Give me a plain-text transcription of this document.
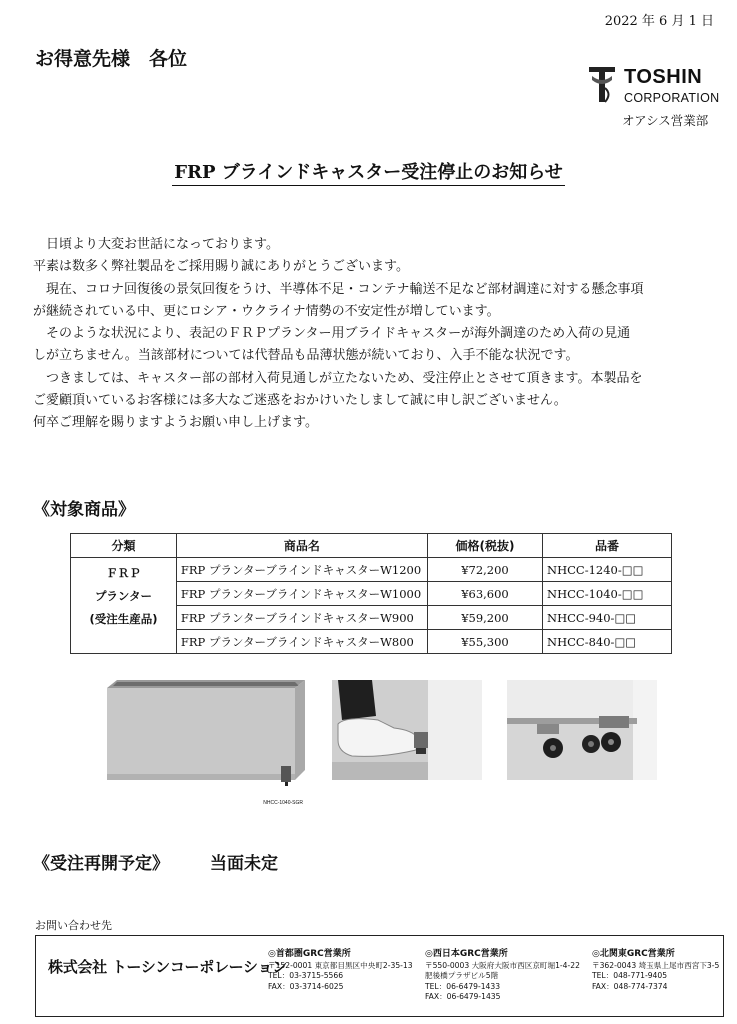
2022 年 6 月 1 日
お得意先様　各位
TOSHIN
CORPORATION
オアシス営業部
FRP ブラインドキャスター受注停止のお知らせ

　日頃より大変お世話になっております。

平素は数多く弊社製品をご採用賜り誠にありがとうございます。

　現在、コロナ回復後の景気回復をうけ、半導体不足・コンテナ輸送不足など部材調達に対する懸念事項

が継続されている中、更にロシア・ウクライナ情勢の不安定性が増しています。

　そのような状況により、表記のＦＲＰプランター用ブライドキャスターが海外調達のため入荷の見通

しが立ちません。当該部材については代替品も品薄状態が続いており、入手不能な状況です。

　つきましては、キャスター部の部材入荷見通しが立たないため、受注停止とさせて頂きます。本製品を

ご愛顧頂いているお客様には多大なご迷惑をおかけいたしまして誠に申し訳ございません。

何卒ご理解を賜りますようお願い申し上げます。

《対象商品》
分類	商品名	価格(税抜)	品番

ＦＲＰ
プランター
(受注生産品)	FRP プランターブラインドキャスターW1200	¥72,200	NHCC-1240-□□
	FRP プランターブラインドキャスターW1000	¥63,600	NHCC-1040-□□
	FRP プランターブラインドキャスターW900	¥59,200	NHCC-940-□□
	FRP プランターブラインドキャスターW800	¥55,300	NHCC-840-□□
NHCC-1040-SGR
《受注再開予定》 当面未定
お問い合わせ先
株式会社 トーシンコーポレーション
◎首都圏GRC営業所
〒152-0001 東京都目黒区中央町2-35-13
TEL：03-3715-5566
FAX：03-3714-6025
◎西日本GRC営業所
〒550-0003 大阪府大阪市西区京町堀1-4-22
肥後橋プラザビル5階
TEL：06-6479-1433
FAX：06-6479-1435
◎北関東GRC営業所
〒362-0043 埼玉県上尾市西宮下3-5
TEL：048-771-9405
FAX：048-774-7374
